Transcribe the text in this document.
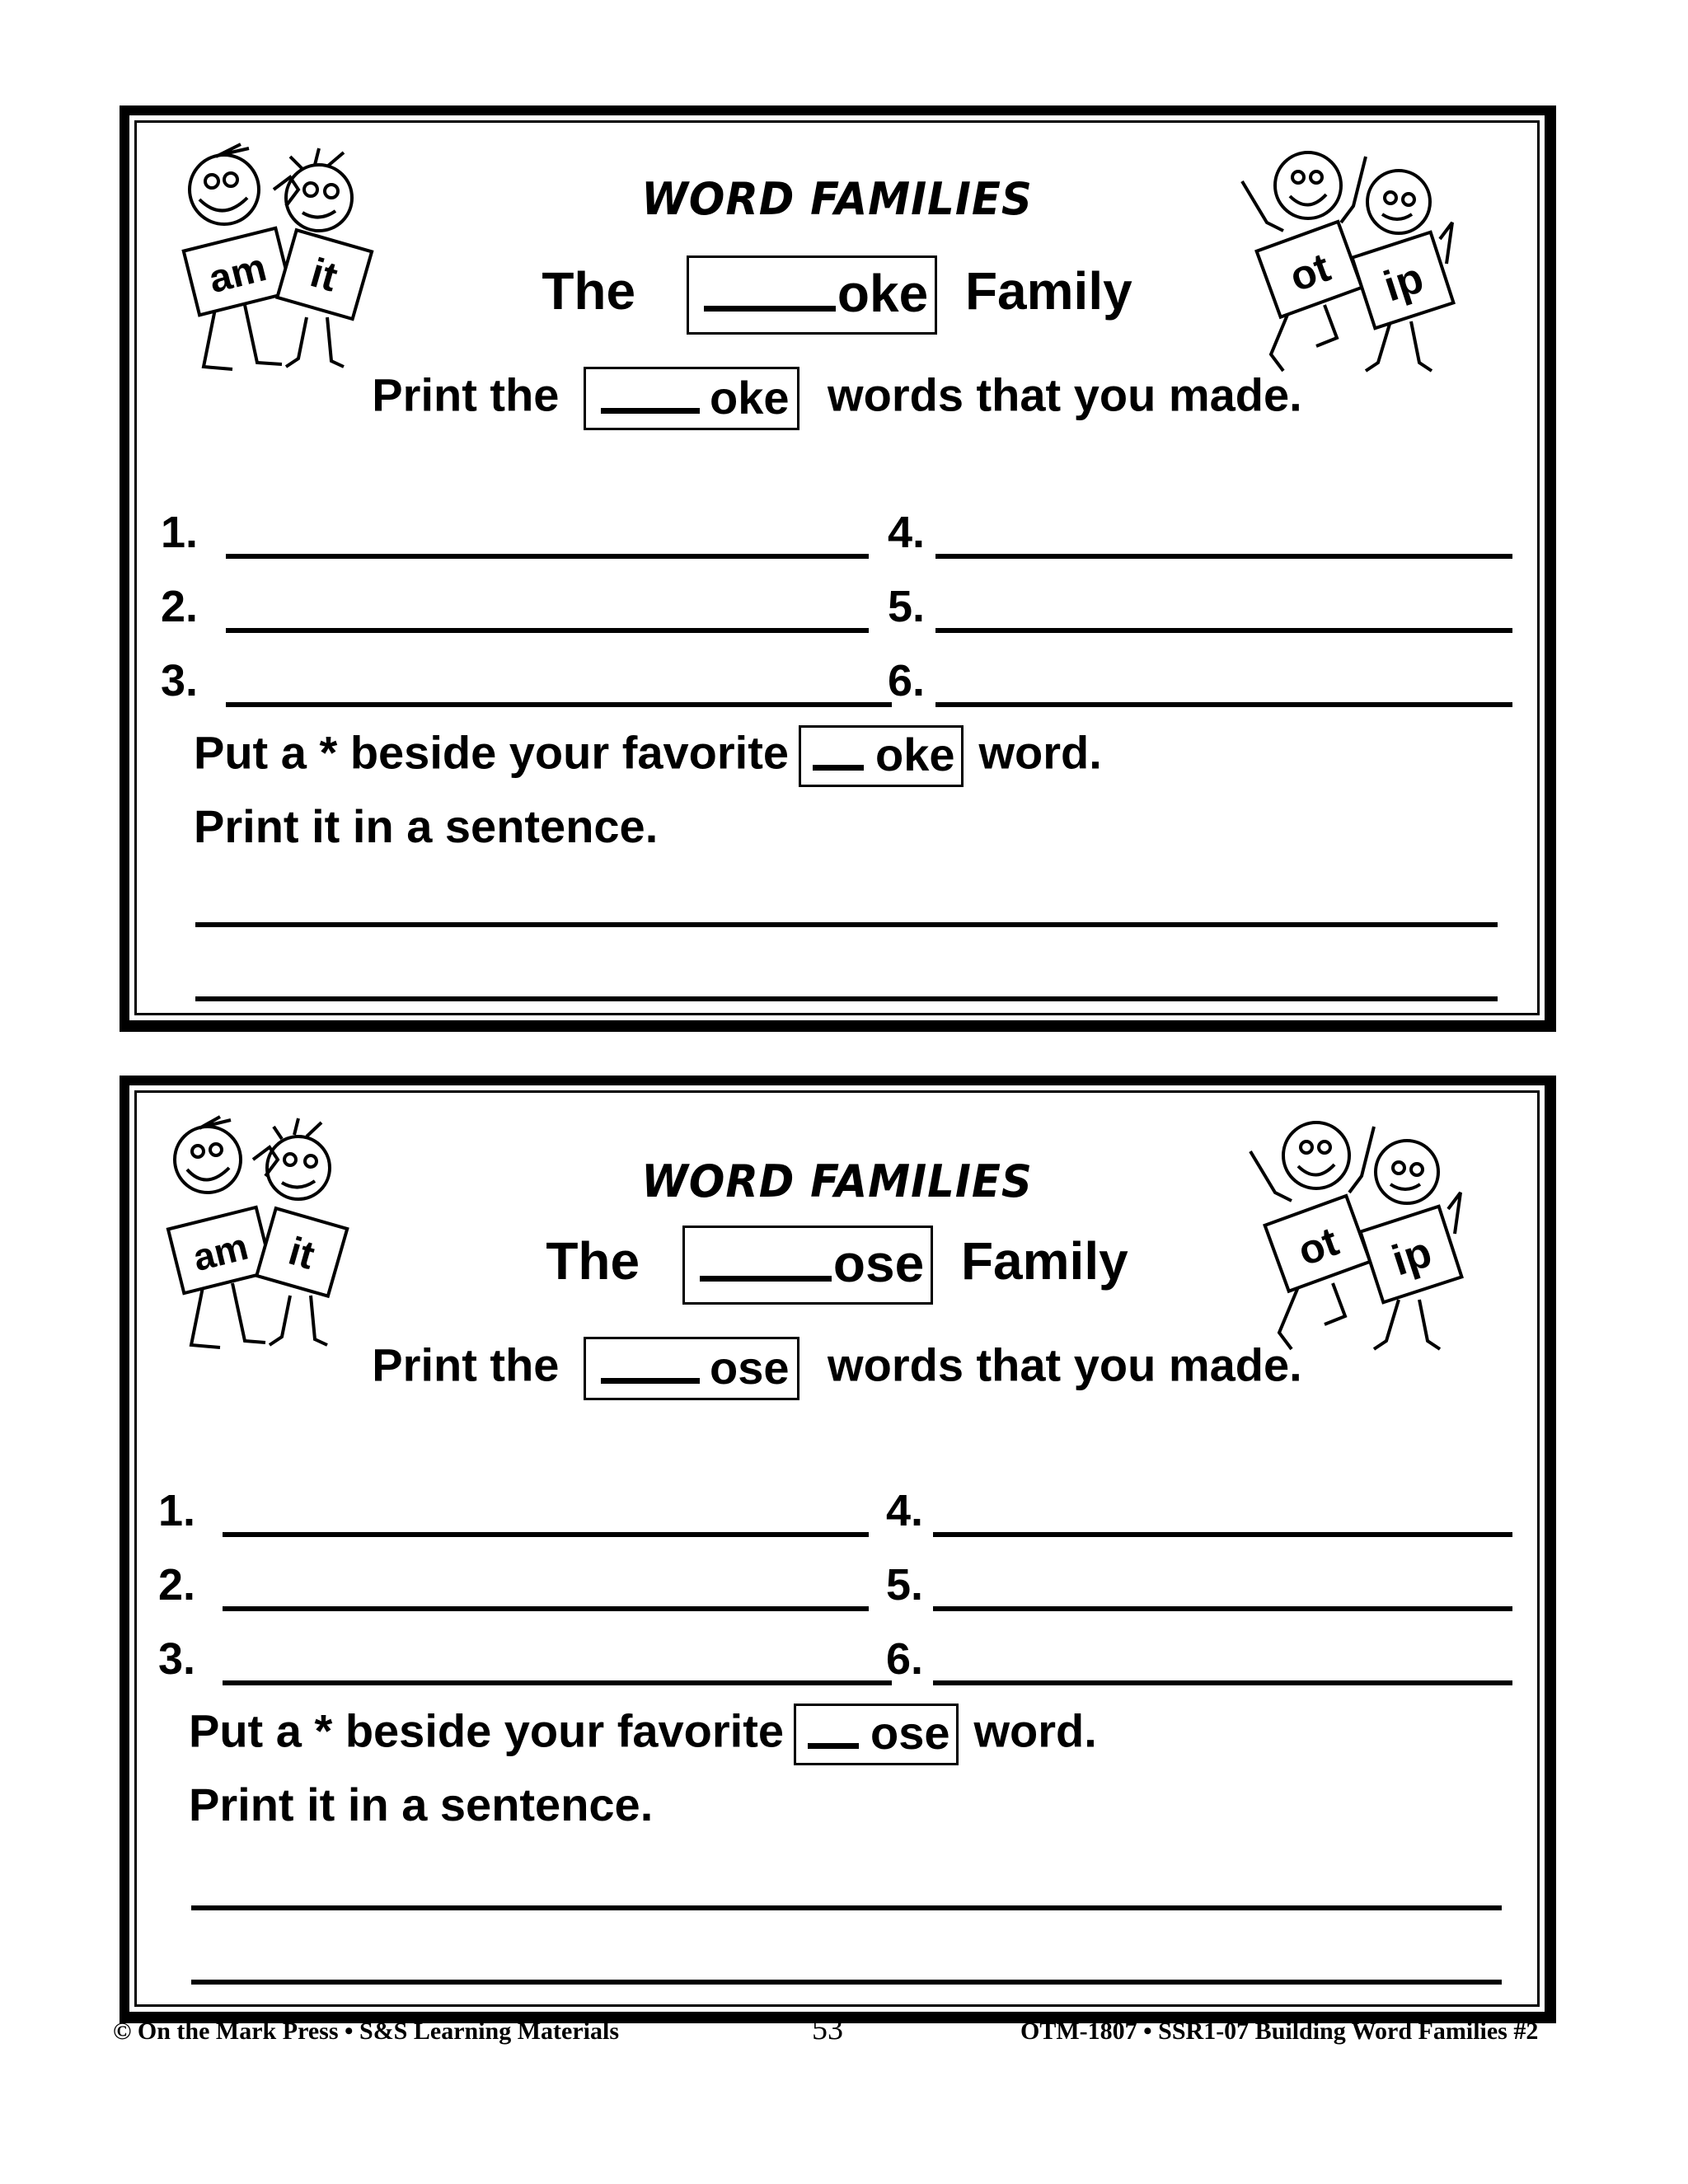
am it	ot ip
WORD FAMILIES
The	oke Family
Print the	oke words that you made.
1.
2.
3.
4.
5.
6.
Put a * beside your favorite oke word.
Print it in a sentence.
am it	ot ip
WORD FAMILIES
The	ose Family
Print the	ose words that you made.
1.
2.
3.
4.
5.
6.
Put a * beside your favorite ose word.
Print it in a sentence.
© On the Mark Press • S&S Learning Materials	53	OTM-1807 • SSR1-07 Building Word Families #2
